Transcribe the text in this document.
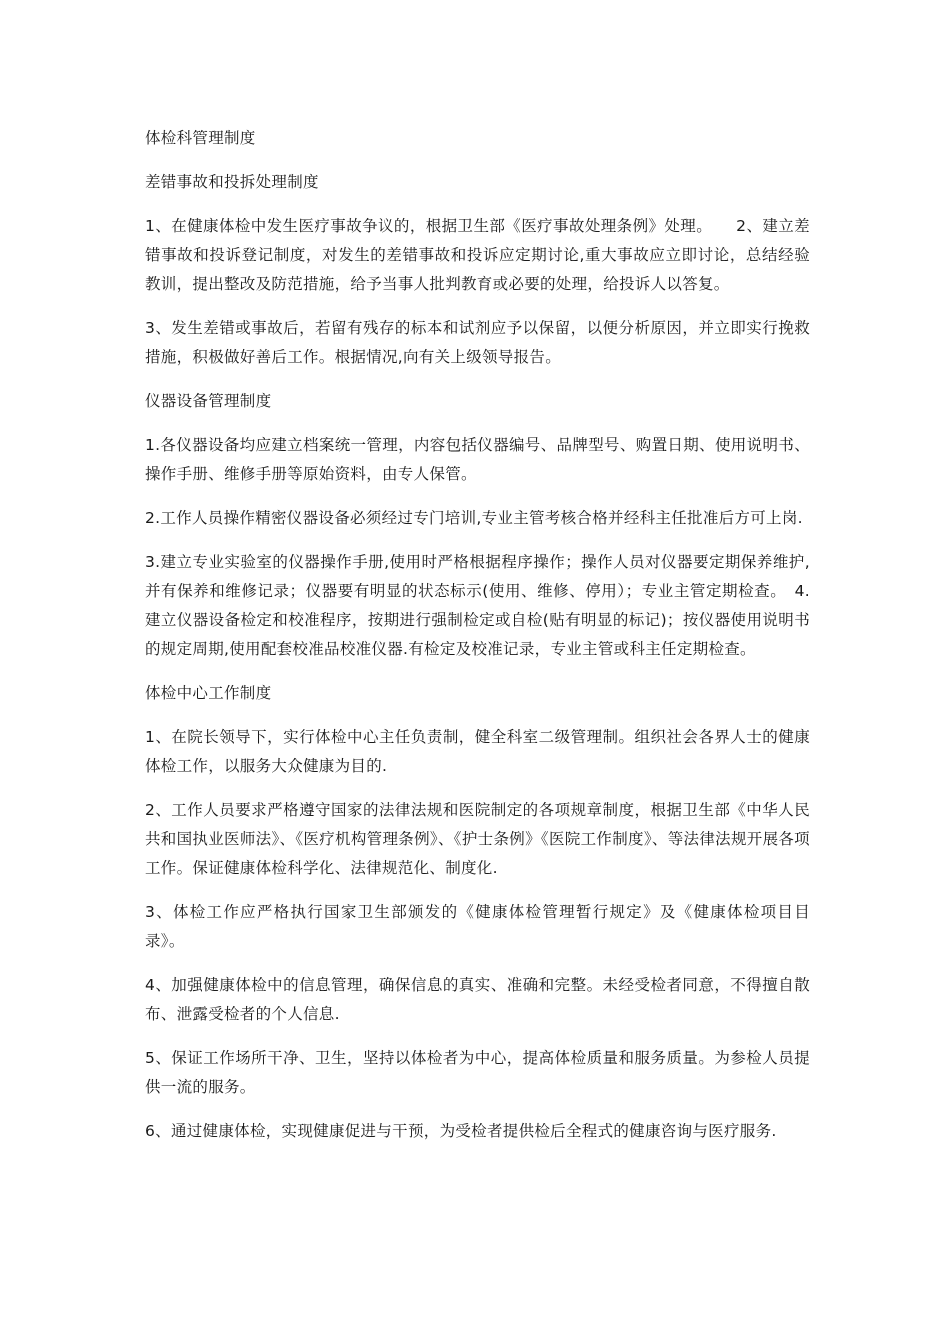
体检科管理制度
差错事故和投拆处理制度
1、在健康体检中发生医疗事故争议的，根据卫生部《医疗事故处理条例》处理。　　2、建立差错事故和投诉登记制度，对发生的差错事故和投诉应定期讨论,重大事故应立即讨论，总结经验教训，提出整改及防范措施，给予当事人批判教育或必要的处理，给投诉人以答复。
3、发生差错或事故后，若留有残存的标本和试剂应予以保留，以便分析原因，并立即实行挽救措施，积极做好善后工作。根据情况,向有关上级领导报告。
仪器设备管理制度
1.各仪器设备均应建立档案统一管理，内容包括仪器编号、品牌型号、购置日期、使用说明书、操作手册、维修手册等原始资料，由专人保管。
2.工作人员操作精密仪器设备必须经过专门培训,专业主管考核合格并经科主任批准后方可上岗.
3.建立专业实验室的仪器操作手册,使用时严格根据程序操作；操作人员对仪器要定期保养维护,并有保养和维修记录；仪器要有明显的状态标示(使用、维修、停用）；专业主管定期检查。　4.建立仪器设备检定和校准程序，按期进行强制检定或自检(贴有明显的标记)；按仪器使用说明书的规定周期,使用配套校准品校准仪器.有检定及校准记录，专业主管或科主任定期检查。
体检中心工作制度
1、在院长领导下，实行体检中心主任负责制，健全科室二级管理制。组织社会各界人士的健康体检工作，以服务大众健康为目的.
2、工作人员要求严格遵守国家的法律法规和医院制定的各项规章制度，根据卫生部《中华人民共和国执业医师法》、《医疗机构管理条例》、《护士条例》《医院工作制度》、等法律法规开展各项工作。保证健康体检科学化、法律规范化、制度化.
3、体检工作应严格执行国家卫生部颁发的《健康体检管理暂行规定》及《健康体检项目目录》。
4、加强健康体检中的信息管理，确保信息的真实、准确和完整。未经受检者同意，不得擅自散布、泄露受检者的个人信息.
5、保证工作场所干净、卫生，坚持以体检者为中心，提高体检质量和服务质量。为参检人员提供一流的服务。
6、通过健康体检，实现健康促进与干预，为受检者提供检后全程式的健康咨询与医疗服务.
